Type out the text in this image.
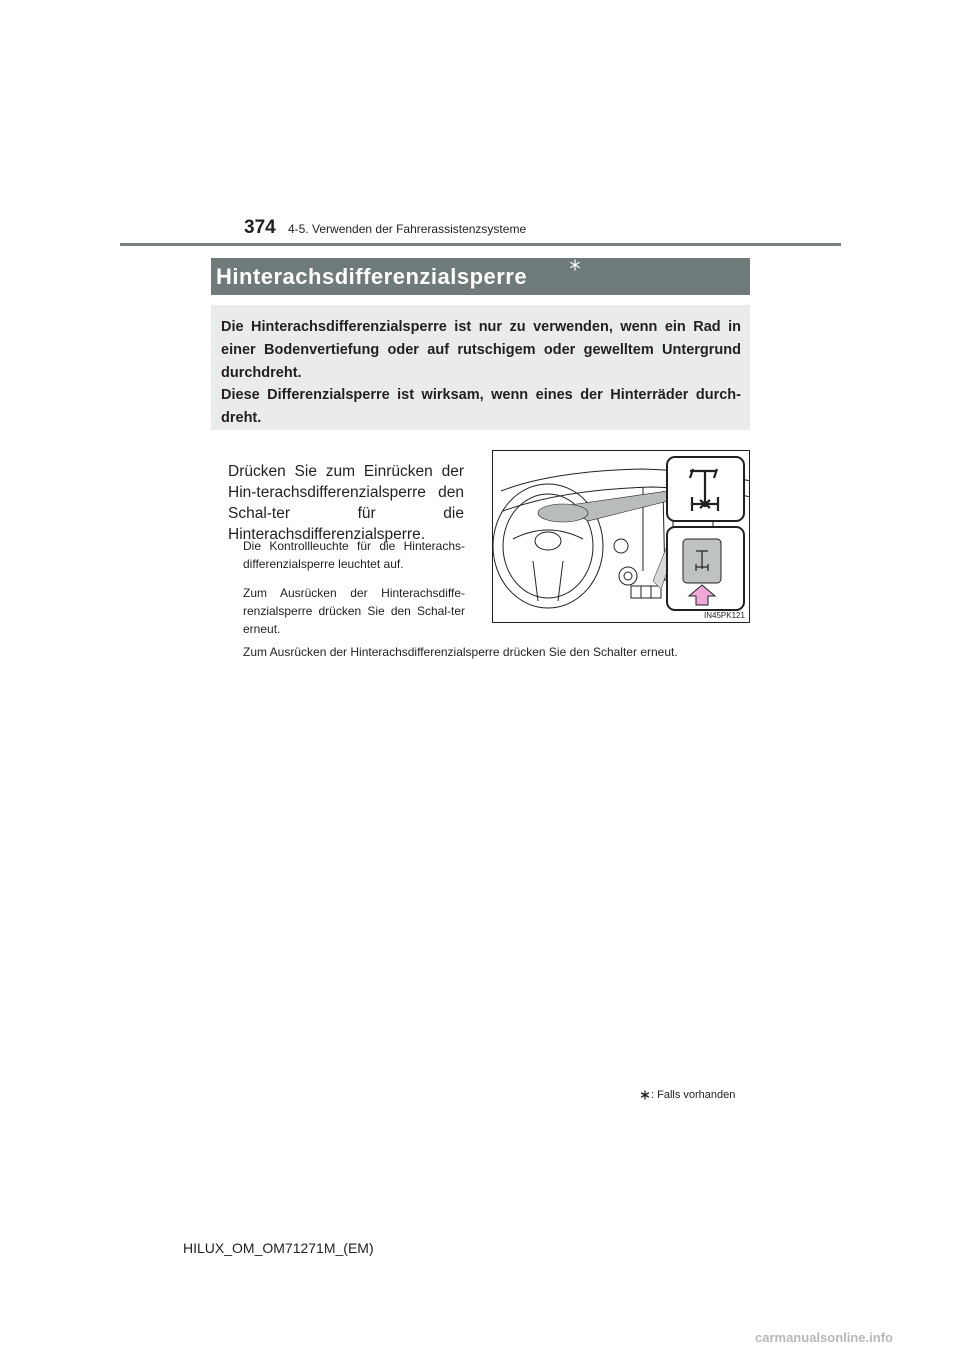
374 4-5. Verwenden der Fahrerassistenzsysteme
Hinterachsdifferenzialsperre
Die Hinterachsdifferenzialsperre ist nur zu verwenden, wenn ein Rad in einer Bodenvertiefung oder auf rutschigem oder gewelltem Untergrund durchdreht.
Diese Differenzialsperre ist wirksam, wenn eines der Hinterräder durch-dreht.
Drücken Sie zum Einrücken der Hin-terachsdifferenzialsperre den Schal-ter für die Hinterachsdifferenzialsperre.
Die Kontrollleuchte für die Hinterachs-differenzialsperre leuchtet auf.
Zum Ausrücken der Hinterachsdiffe-renzialsperre drücken Sie den Schal-ter erneut.
Zum Ausrücken der Hinterachsdifferenzialsperre drücken Sie den Schalter erneut.
IN45PK121
: Falls vorhanden
HILUX_OM_OM71271M_(EM)
carmanualsonline.info
